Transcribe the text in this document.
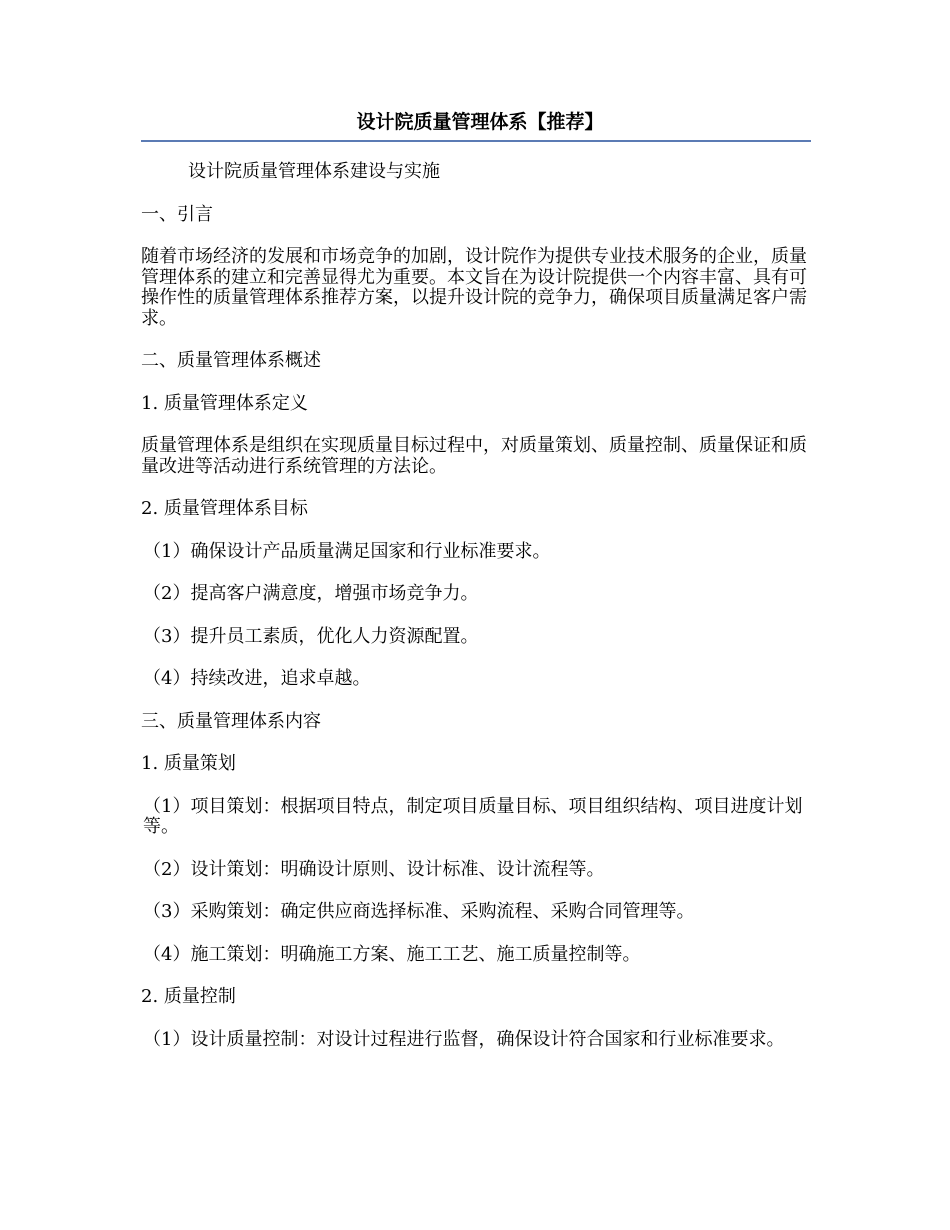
设计院质量管理体系【推荐】

设计院质量管理体系建设与实施

一、引言

随着市场经济的发展和市场竞争的加剧，设计院作为提供专业技术服务的企业，质量管理体系的建立和完善显得尤为重要。本文旨在为设计院提供一个内容丰富、具有可操作性的质量管理体系推荐方案，以提升设计院的竞争力，确保项目质量满足客户需求。

二、质量管理体系概述

1. 质量管理体系定义

质量管理体系是组织在实现质量目标过程中，对质量策划、质量控制、质量保证和质量改进等活动进行系统管理的方法论。

2. 质量管理体系目标

（1）确保设计产品质量满足国家和行业标准要求。

（2）提高客户满意度，增强市场竞争力。

（3）提升员工素质，优化人力资源配置。

（4）持续改进，追求卓越。

三、质量管理体系内容

1. 质量策划

（1）项目策划：根据项目特点，制定项目质量目标、项目组织结构、项目进度计划等。

（2）设计策划：明确设计原则、设计标准、设计流程等。

（3）采购策划：确定供应商选择标准、采购流程、采购合同管理等。

（4）施工策划：明确施工方案、施工工艺、施工质量控制等。

2. 质量控制

（1）设计质量控制：对设计过程进行监督，确保设计符合国家和行业标准要求。
